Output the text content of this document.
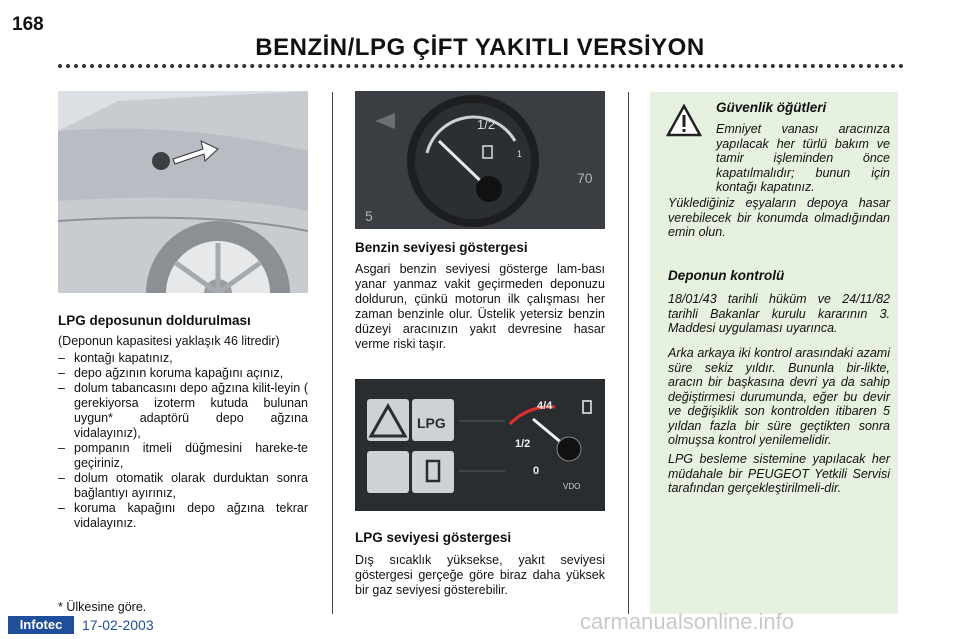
168
BENZİN/LPG ÇİFT YAKITLI VERSİYON
LPG deposunun doldurulması
(Deponun kapasitesi yaklaşık 46 litredir)
– kontağı kapatınız,
– depo ağzının koruma kapağını açınız,
– dolum tabancasını depo ağzına kilit-leyin ( gerekiyorsa izoterm kutuda bulunan uygun* adaptörü depo ağzına vidalayınız),
– pompanın itmeli düğmesini hareke-te geçiriniz,
– dolum otomatik olarak durduktan sonra bağlantıyı ayırınız,
– koruma kapağını depo ağzına tekrar vidalayınız.
* Ülkesine göre.
1/2
1
70
5
Benzin seviyesi göstergesi
Asgari benzin seviyesi gösterge lam-bası yanar yanmaz vakit geçirmeden deponuzu doldurun, çünkü motorun ilk çalışması her zaman benzinle olur. Üstelik yetersiz benzin düzeyi aracınızın yakıt devresine hasar verme riski taşır.
LPG
4/4
1/2
0
VDO
LPG seviyesi göstergesi
Dış sıcaklık yüksekse, yakıt seviyesi göstergesi gerçeğe göre biraz daha yüksek bir gaz seviyesi gösterebilir.
Güvenlik öğütleri
Emniyet vanası aracınıza yapılacak her türlü bakım ve tamir işleminden önce kapatılmalıdır; bunun için kontağı kapatınız.
Yüklediğiniz eşyaların depoya hasar verebilecek bir konumda olmadığından emin olun.
Deponun kontrolü
18/01/43 tarihli hüküm ve 24/11/82 tarihli Bakanlar kurulu kararının 3. Maddesi uygulaması uyarınca.
Arka arkaya iki kontrol arasındaki azami süre sekiz yıldır. Bununla bir-likte, aracın bir başkasına devri ya da sahip değiştirmesi durumunda, eğer bu devir ve değişiklik son kontrolden itibaren 5 yıldan fazla bir süre geçtikten sonra olmuşsa kontrol yenilemelidir.
LPG besleme sistemine yapılacak her müdahale bir PEUGEOT Yetkili Servisi tarafından gerçekleştirilmeli-dir.
Infotec	17-02-2003	carmanualsonline.info
